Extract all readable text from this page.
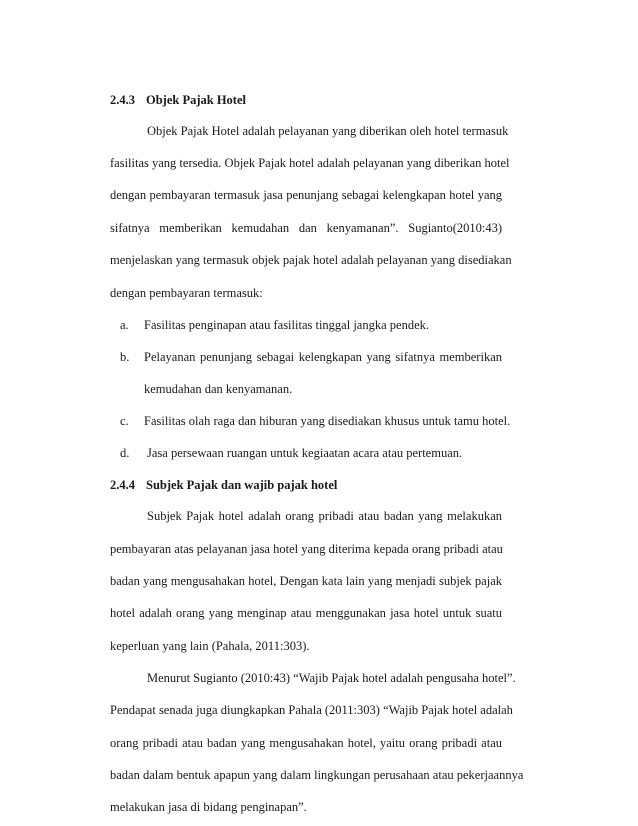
2.4.3 Objek Pajak Hotel
Objek Pajak Hotel adalah pelayanan yang diberikan oleh hotel termasuk
fasilitas yang tersedia. Objek Pajak hotel adalah pelayanan yang diberikan hotel
dengan pembayaran termasuk jasa penunjang sebagai kelengkapan hotel yang
sifatnya memberikan kemudahan dan kenyamanan”. Sugianto(2010:43)
menjelaskan yang termasuk objek pajak hotel adalah pelayanan yang disediakan
dengan pembayaran termasuk:
a. Fasilitas penginapan atau fasilitas tinggal jangka pendek.
b. Pelayanan penunjang sebagai kelengkapan yang sifatnya memberikan
kemudahan dan kenyamanan.
c. Fasilitas olah raga dan hiburan yang disediakan khusus untuk tamu hotel.
d. Jasa persewaan ruangan untuk kegiaatan acara atau pertemuan.
2.4.4 Subjek Pajak dan wajib pajak hotel
Subjek Pajak hotel adalah orang pribadi atau badan yang melakukan
pembayaran atas pelayanan jasa hotel yang diterima kepada orang pribadi atau
badan yang mengusahakan hotel, Dengan kata lain yang menjadi subjek pajak
hotel adalah orang yang menginap atau menggunakan jasa hotel untuk suatu
keperluan yang lain (Pahala, 2011:303).
Menurut Sugianto (2010:43) “Wajib Pajak hotel adalah pengusaha hotel”.
Pendapat senada juga diungkapkan Pahala (2011:303) “Wajib Pajak hotel adalah
orang pribadi atau badan yang mengusahakan hotel, yaitu orang pribadi atau
badan dalam bentuk apapun yang dalam lingkungan perusahaan atau pekerjaannya
melakukan jasa di bidang penginapan”.
